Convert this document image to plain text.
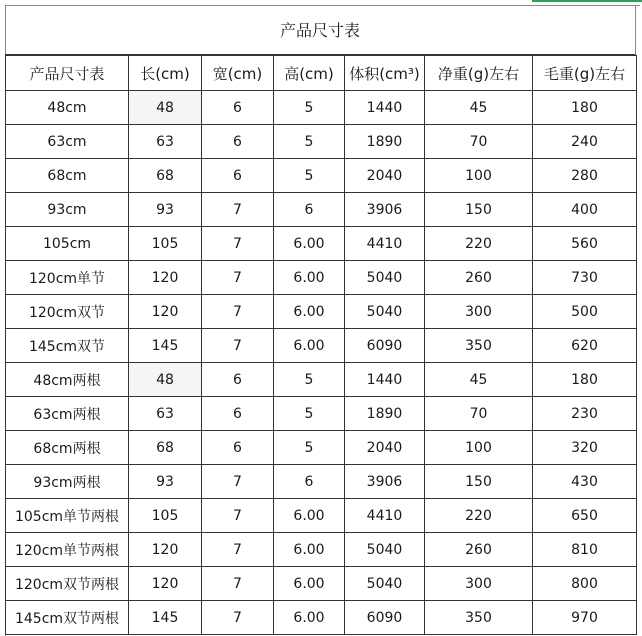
产品尺寸表
产品尺寸表	长(cm)	宽(cm)	高(cm)	体积(cm³)	净重(g)左右	毛重(g)左右
48cm	48	6	5	1440	45	180
63cm	63	6	5	1890	70	240
68cm	68	6	5	2040	100	280
93cm	93	7	6	3906	150	400
105cm	105	7	6.00	4410	220	560
120cm单节	120	7	6.00	5040	260	730
120cm双节	120	7	6.00	5040	300	500
145cm双节	145	7	6.00	6090	350	620
48cm两根	48	6	5	1440	45	180
63cm两根	63	6	5	1890	70	230
68cm两根	68	6	5	2040	100	320
93cm两根	93	7	6	3906	150	430
105cm单节两根	105	7	6.00	4410	220	650
120cm单节两根	120	7	6.00	5040	260	810
120cm双节两根	120	7	6.00	5040	300	800
145cm双节两根	145	7	6.00	6090	350	970
